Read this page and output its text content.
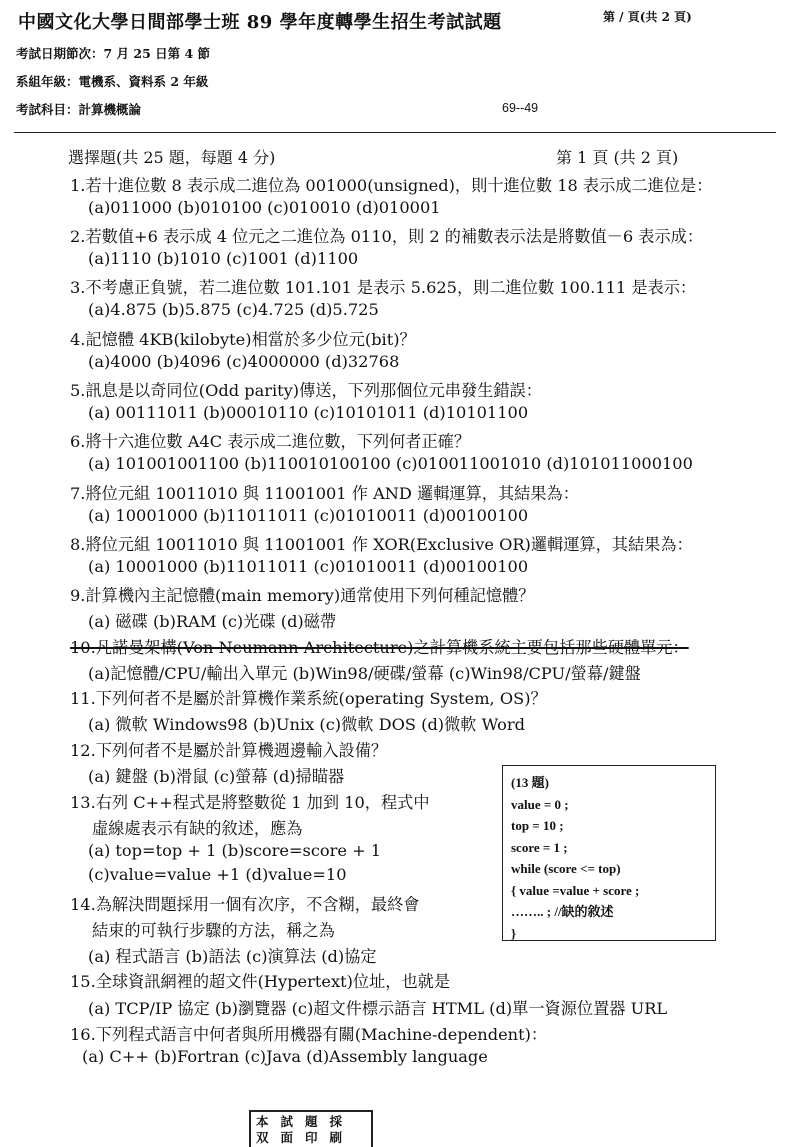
中國文化大學日間部學士班 89 學年度轉學生招生考試試題	第 / 頁(共 2 頁)
考試日期節次：7 月 25 日第 4 節
系組年級：電機系、資料系 2 年級
考試科目：計算機概論	69--49
選擇題(共 25 題，每題 4 分)	第 1 頁 (共 2 頁)
1.若十進位數 8 表示成二進位為 001000(unsigned)，則十進位數 18 表示成二進位是：
(a)011000 (b)010100 (c)010010 (d)010001
2.若數值+6 表示成 4 位元之二進位為 0110，則 2 的補數表示法是將數值－6 表示成：
(a)1110 (b)1010 (c)1001 (d)1100
3.不考慮正負號，若二進位數 101.101 是表示 5.625，則二進位數 100.111 是表示：
(a)4.875 (b)5.875 (c)4.725 (d)5.725
4.記憶體 4KB(kilobyte)相當於多少位元(bit)？
(a)4000 (b)4096 (c)4000000 (d)32768
5.訊息是以奇同位(Odd parity)傳送，下列那個位元串發生錯誤：
(a) 00111011 (b)00010110 (c)10101011 (d)10101100
6.將十六進位數 A4C 表示成二進位數，下列何者正確？
(a) 101001001100 (b)110010100100 (c)010011001010 (d)101011000100
7.將位元組 10011010 與 11001001 作 AND 邏輯運算，其結果為：
(a) 10001000 (b)11011011 (c)01010011 (d)00100100
8.將位元組 10011010 與 11001001 作 XOR(Exclusive OR)邏輯運算，其結果為：
(a) 10001000 (b)11011011 (c)01010011 (d)00100100
9.計算機內主記憶體(main memory)通常使用下列何種記憶體？
(a) 磁碟 (b)RAM (c)光碟 (d)磁帶
10.凡諾曼架構(Von Neumann Architecture)之計算機系統主要包括那些硬體單元：
(a)記憶體/CPU/輸出入單元 (b)Win98/硬碟/螢幕 (c)Win98/CPU/螢幕/鍵盤
11.下列何者不是屬於計算機作業系統(operating System, OS)？
(a) 微軟 Windows98 (b)Unix (c)微軟 DOS (d)微軟 Word
12.下列何者不是屬於計算機週邊輸入設備？
(a) 鍵盤 (b)滑鼠 (c)螢幕 (d)掃瞄器
13.右列 C++程式是將整數從 1 加到 10，程式中
虛線處表示有缺的敘述，應為
(a) top=top + 1 (b)score=score + 1
(c)value=value +1 (d)value=10
14.為解決問題採用一個有次序，不含糊，最終會
結束的可執行步驟的方法，稱之為
(a) 程式語言 (b)語法 (c)演算法 (d)協定
15.全球資訊網裡的超文件(Hypertext)位址，也就是
(a) TCP/IP 協定 (b)瀏覽器 (c)超文件標示語言 HTML (d)單一資源位置器 URL
16.下列程式語言中何者與所用機器有關(Machine-dependent)：
(a) C++ (b)Fortran (c)Java (d)Assembly language
(13 題)
value = 0 ;
top = 10 ;
score = 1 ;
while (score <= top)
{ value =value + score ;
…….. ; //缺的敘述
}
本試題採
双面印刷
